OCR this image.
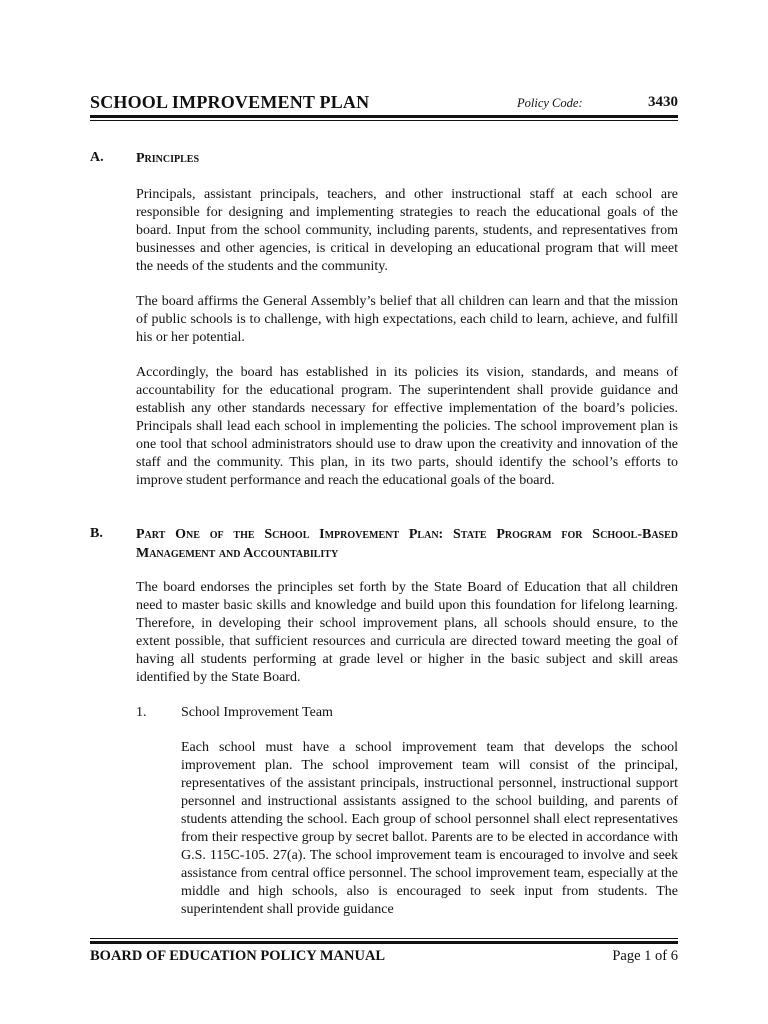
SCHOOL IMPROVEMENT PLAN	Policy Code:	3430
A. Principles

Principals, assistant principals, teachers, and other instructional staff at each school are responsible for designing and implementing strategies to reach the educational goals of the board. Input from the school community, including parents, students, and representatives from businesses and other agencies, is critical in developing an educational program that will meet the needs of the students and the community.

The board affirms the General Assembly’s belief that all children can learn and that the mission of public schools is to challenge, with high expectations, each child to learn, achieve, and fulfill his or her potential.

Accordingly, the board has established in its policies its vision, standards, and means of accountability for the educational program. The superintendent shall provide guidance and establish any other standards necessary for effective implementation of the board’s policies. Principals shall lead each school in implementing the policies. The school improvement plan is one tool that school administrators should use to draw upon the creativity and innovation of the staff and the community. This plan, in its two parts, should identify the school’s efforts to improve student performance and reach the educational goals of the board.

B. Part One of the School Improvement Plan: State Program for School-Based Management and Accountability

The board endorses the principles set forth by the State Board of Education that all children need to master basic skills and knowledge and build upon this foundation for lifelong learning. Therefore, in developing their school improvement plans, all schools should ensure, to the extent possible, that sufficient resources and curricula are directed toward meeting the goal of having all students performing at grade level or higher in the basic subject and skill areas identified by the State Board.

1. School Improvement Team

Each school must have a school improvement team that develops the school improvement plan. The school improvement team will consist of the principal, representatives of the assistant principals, instructional personnel, instructional support personnel and instructional assistants assigned to the school building, and parents of students attending the school. Each group of school personnel shall elect representatives from their respective group by secret ballot. Parents are to be elected in accordance with G.S. 115C-105. 27(a). The school improvement team is encouraged to involve and seek assistance from central office personnel. The school improvement team, especially at the middle and high schools, also is encouraged to seek input from students. The superintendent shall provide guidance

BOARD OF EDUCATION POLICY MANUAL	Page 1 of 6
